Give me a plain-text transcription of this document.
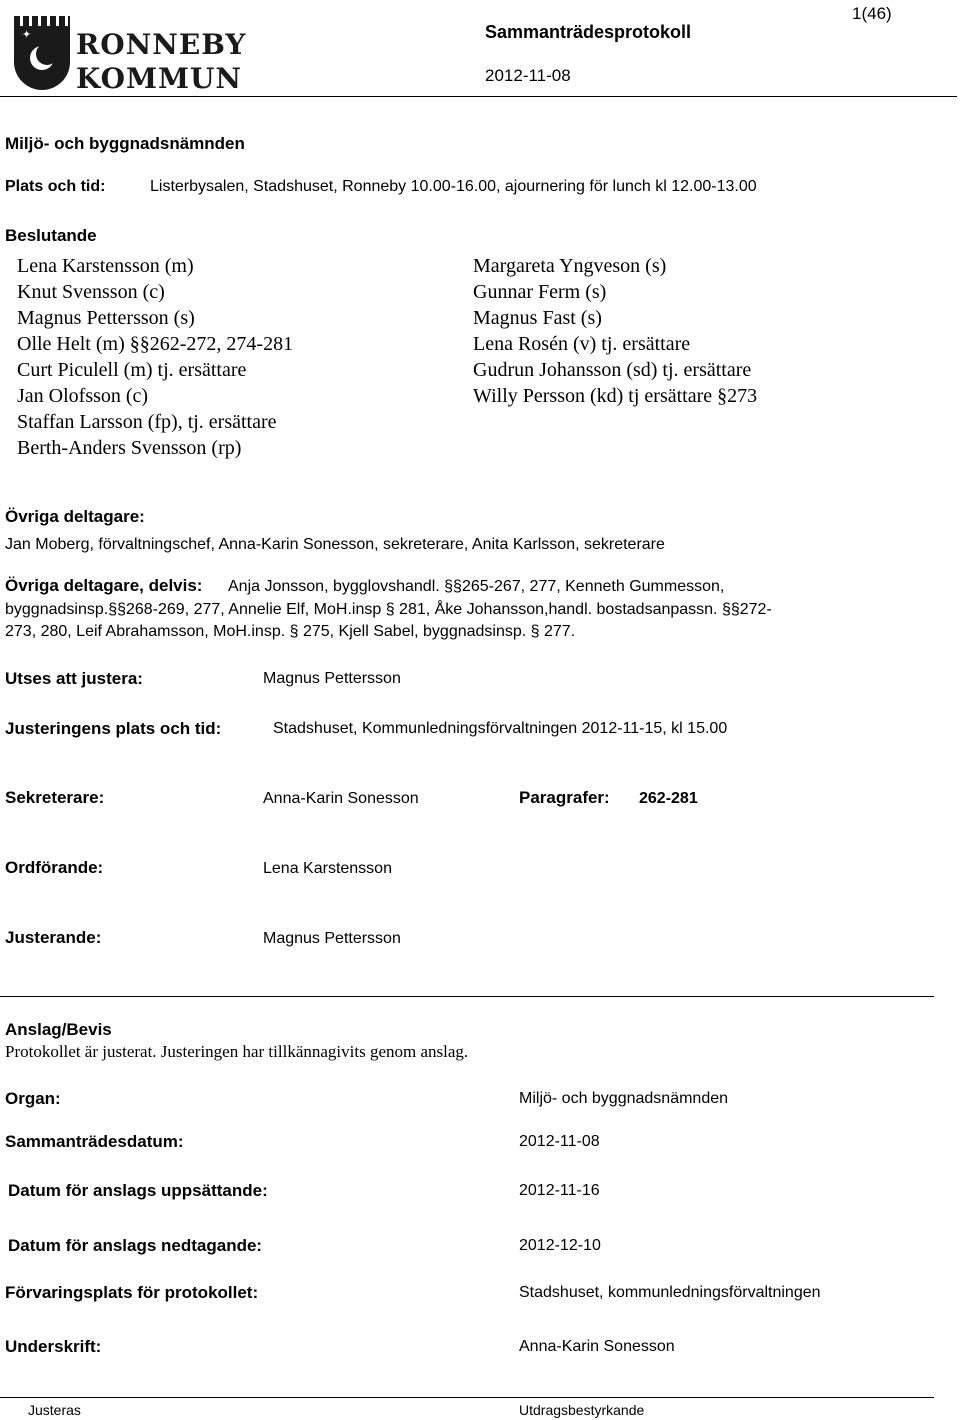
✦ RONNEBY
KOMMUN
1(46)
Sammanträdesprotokoll
2012-11-08
Miljö- och byggnadsnämnden
Plats och tid:	Listerbysalen, Stadshuset, Ronneby 10.00-16.00, ajournering för lunch kl 12.00-13.00
Beslutande
Lena Karstensson (m)
Knut Svensson (c)
Magnus Pettersson (s)
Olle Helt (m) §§262-272, 274-281
Curt Piculell (m) tj. ersättare
Jan Olofsson (c)
Staffan Larsson (fp), tj. ersättare
Berth-Anders Svensson (rp)
Margareta Yngveson (s)
Gunnar Ferm (s)
Magnus Fast (s)
Lena Rosén (v) tj. ersättare
Gudrun Johansson (sd) tj. ersättare
Willy Persson (kd) tj ersättare §273
Övriga deltagare:
Jan Moberg, förvaltningschef, Anna-Karin Sonesson, sekreterare, Anita Karlsson, sekreterare
Övriga deltagare, delvis: Anja Jonsson, bygglovshandl. §§265-267, 277, Kenneth Gummesson,
byggnadsinsp.§§268-269, 277, Annelie Elf, MoH.insp § 281, Åke Johansson,handl. bostadsanpassn. §§272-
273, 280, Leif Abrahamsson, MoH.insp. § 275, Kjell Sabel, byggnadsinsp. § 277.
Utses att justera:	Magnus Pettersson
Justeringens plats och tid:	Stadshuset, Kommunledningsförvaltningen 2012-11-15, kl 15.00
Sekreterare:	Anna-Karin Sonesson	Paragrafer: 262-281
Ordförande:	Lena Karstensson
Justerande:	Magnus Pettersson
Anslag/Bevis
Protokollet är justerat. Justeringen har tillkännagivits genom anslag.
Organ:	Miljö- och byggnadsnämnden
Sammanträdesdatum:	2012-11-08
Datum för anslags uppsättande:	2012-11-16
Datum för anslags nedtagande:	2012-12-10
Förvaringsplats för protokollet:	Stadshuset, kommunledningsförvaltningen
Underskrift:	Anna-Karin Sonesson
Justeras	Utdragsbestyrkande
